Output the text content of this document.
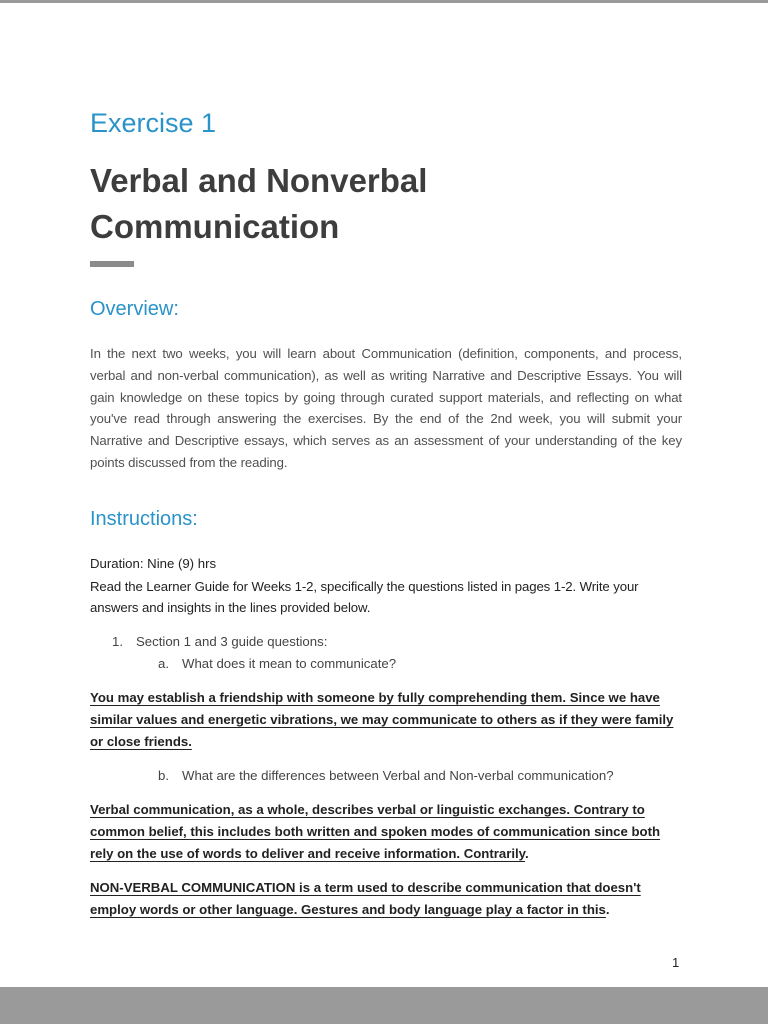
Exercise 1
Verbal and Nonverbal
Communication
Overview:
In the next two weeks, you will learn about Communication (definition, components, and process, verbal and non-verbal communication), as well as writing Narrative and Descriptive Essays. You will gain knowledge on these topics by going through curated support materials, and reflecting on what you've read through answering the exercises. By the end of the 2nd week, you will submit your Narrative and Descriptive essays, which serves as an assessment of your understanding of the key points discussed from the reading.
Instructions:
Duration: Nine (9) hrs
Read the Learner Guide for Weeks 1-2, specifically the questions listed in pages 1-2. Write your answers and insights in the lines provided below.
1. Section 1 and 3 guide questions:
a. What does it mean to communicate?
You may establish a friendship with someone by fully comprehending them. Since we have
similar values and energetic vibrations, we may communicate to others as if they were family
or close friends.
b. What are the differences between Verbal and Non-verbal communication?
Verbal communication, as a whole, describes verbal or linguistic exchanges. Contrary to
common belief, this includes both written and spoken modes of communication since both
rely on the use of words to deliver and receive information. Contrarily.
NON-VERBAL COMMUNICATION is a term used to describe communication that doesn't
employ words or other language. Gestures and body language play a factor in this.
1
